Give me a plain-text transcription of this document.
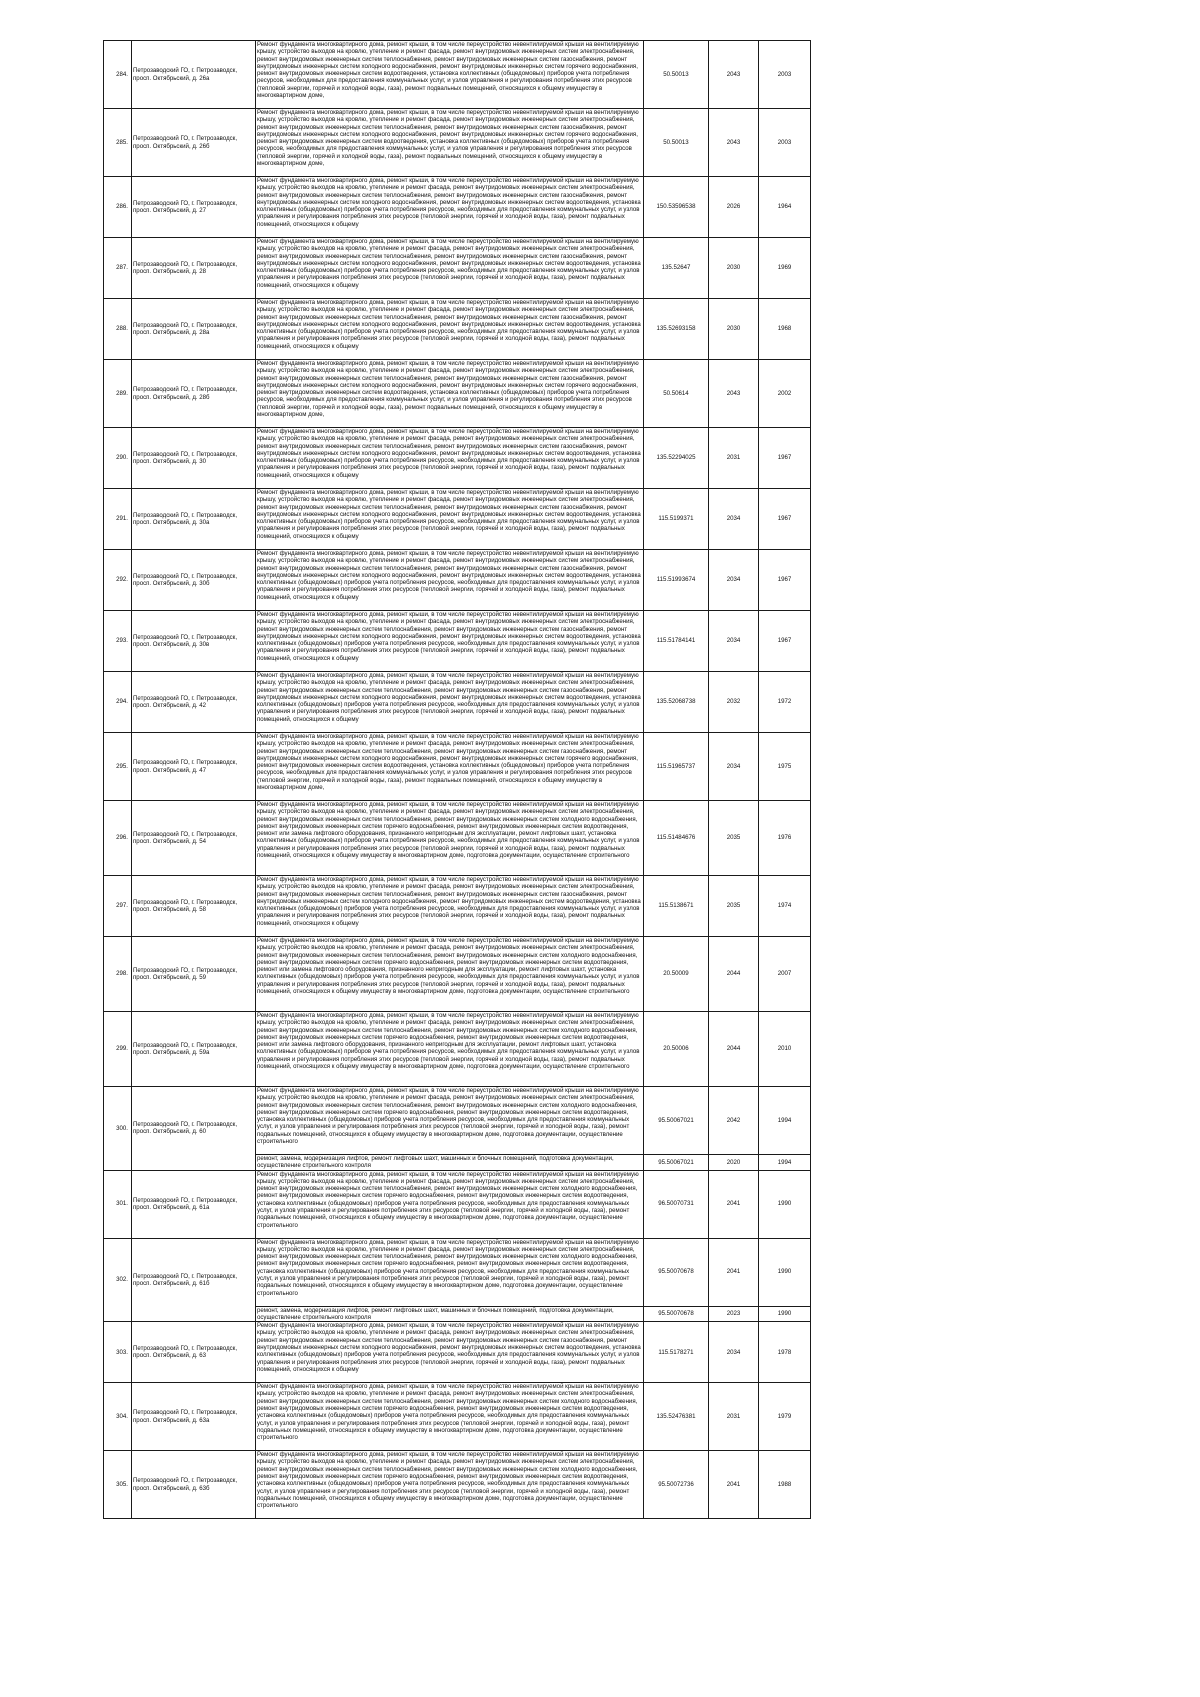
284.	Петрозаводский ГО, г. Петрозаводск, просп. Октябрьский, д. 26а	Ремонт фундамента многоквартирного дома, ремонт крыши, в том числе переустройство невентилируемой крыши на вентилируемую крышу, устройство выходов на кровлю, утепление и ремонт фасада, ремонт внутридомовых инженерных систем электроснабжения, ремонт внутридомовых инженерных систем теплоснабжения, ремонт внутридомовых инженерных систем газоснабжения, ремонт внутридомовых инженерных систем холодного водоснабжения, ремонт внутридомовых инженерных систем горячего водоснабжения, ремонт внутридомовых инженерных систем водоотведения, установка коллективных (общедомовых) приборов учета потребления ресурсов, необходимых для предоставления коммунальных услуг, и узлов управления и регулирования потребления этих ресурсов (тепловой энергии, горячей и холодной воды, газа), ремонт подвальных помещений, относящихся к общему имуществу в многоквартирном доме,	50.50013	2043	2003
285.	Петрозаводский ГО, г. Петрозаводск, просп. Октябрьский, д. 26б	Ремонт фундамента многоквартирного дома, ремонт крыши, в том числе переустройство невентилируемой крыши на вентилируемую крышу, устройство выходов на кровлю, утепление и ремонт фасада, ремонт внутридомовых инженерных систем электроснабжения, ремонт внутридомовых инженерных систем теплоснабжения, ремонт внутридомовых инженерных систем газоснабжения, ремонт внутридомовых инженерных систем холодного водоснабжения, ремонт внутридомовых инженерных систем горячего водоснабжения, ремонт внутридомовых инженерных систем водоотведения, установка коллективных (общедомовых) приборов учета потребления ресурсов, необходимых для предоставления коммунальных услуг, и узлов управления и регулирования потребления этих ресурсов (тепловой энергии, горячей и холодной воды, газа), ремонт подвальных помещений, относящихся к общему имуществу в многоквартирном доме,	50.50013	2043	2003
286.	Петрозаводский ГО, г. Петрозаводск, просп. Октябрьский, д. 27	Ремонт фундамента многоквартирного дома, ремонт крыши, в том числе переустройство невентилируемой крыши на вентилируемую крышу, устройство выходов на кровлю, утепление и ремонт фасада, ремонт внутридомовых инженерных систем электроснабжения, ремонт внутридомовых инженерных систем теплоснабжения, ремонт внутридомовых инженерных систем газоснабжения, ремонт внутридомовых инженерных систем холодного водоснабжения, ремонт внутридомовых инженерных систем водоотведения, установка коллективных (общедомовых) приборов учета потребления ресурсов, необходимых для предоставления коммунальных услуг, и узлов управления и регулирования потребления этих ресурсов (тепловой энергии, горячей и холодной воды, газа), ремонт подвальных помещений, относящихся к общему	150.53596538	2026	1964
287.	Петрозаводский ГО, г. Петрозаводск, просп. Октябрьский, д. 28	Ремонт фундамента многоквартирного дома, ремонт крыши, в том числе переустройство невентилируемой крыши на вентилируемую крышу, устройство выходов на кровлю, утепление и ремонт фасада, ремонт внутридомовых инженерных систем электроснабжения, ремонт внутридомовых инженерных систем теплоснабжения, ремонт внутридомовых инженерных систем газоснабжения, ремонт внутридомовых инженерных систем холодного водоснабжения, ремонт внутридомовых инженерных систем водоотведения, установка коллективных (общедомовых) приборов учета потребления ресурсов, необходимых для предоставления коммунальных услуг, и узлов управления и регулирования потребления этих ресурсов (тепловой энергии, горячей и холодной воды, газа), ремонт подвальных помещений, относящихся к общему	135.52647	2030	1969
288.	Петрозаводский ГО, г. Петрозаводск, просп. Октябрьский, д. 28а	Ремонт фундамента многоквартирного дома, ремонт крыши, в том числе переустройство невентилируемой крыши на вентилируемую крышу, устройство выходов на кровлю, утепление и ремонт фасада, ремонт внутридомовых инженерных систем электроснабжения, ремонт внутридомовых инженерных систем теплоснабжения, ремонт внутридомовых инженерных систем газоснабжения, ремонт внутридомовых инженерных систем холодного водоснабжения, ремонт внутридомовых инженерных систем водоотведения, установка коллективных (общедомовых) приборов учета потребления ресурсов, необходимых для предоставления коммунальных услуг, и узлов управления и регулирования потребления этих ресурсов (тепловой энергии, горячей и холодной воды, газа), ремонт подвальных помещений, относящихся к общему	135.52693158	2030	1968
289.	Петрозаводский ГО, г. Петрозаводск, просп. Октябрьский, д. 28б	Ремонт фундамента многоквартирного дома, ремонт крыши, в том числе переустройство невентилируемой крыши на вентилируемую крышу, устройство выходов на кровлю, утепление и ремонт фасада, ремонт внутридомовых инженерных систем электроснабжения, ремонт внутридомовых инженерных систем теплоснабжения, ремонт внутридомовых инженерных систем газоснабжения, ремонт внутридомовых инженерных систем холодного водоснабжения, ремонт внутридомовых инженерных систем горячего водоснабжения, ремонт внутридомовых инженерных систем водоотведения, установка коллективных (общедомовых) приборов учета потребления ресурсов, необходимых для предоставления коммунальных услуг, и узлов управления и регулирования потребления этих ресурсов (тепловой энергии, горячей и холодной воды, газа), ремонт подвальных помещений, относящихся к общему имуществу в многоквартирном доме,	50.50614	2043	2002
290.	Петрозаводский ГО, г. Петрозаводск, просп. Октябрьский, д. 30	Ремонт фундамента многоквартирного дома, ремонт крыши, в том числе переустройство невентилируемой крыши на вентилируемую крышу, устройство выходов на кровлю, утепление и ремонт фасада, ремонт внутридомовых инженерных систем электроснабжения, ремонт внутридомовых инженерных систем теплоснабжения, ремонт внутридомовых инженерных систем газоснабжения, ремонт внутридомовых инженерных систем холодного водоснабжения, ремонт внутридомовых инженерных систем водоотведения, установка коллективных (общедомовых) приборов учета потребления ресурсов, необходимых для предоставления коммунальных услуг, и узлов управления и регулирования потребления этих ресурсов (тепловой энергии, горячей и холодной воды, газа), ремонт подвальных помещений, относящихся к общему	135.52294025	2031	1967
291.	Петрозаводский ГО, г. Петрозаводск, просп. Октябрьский, д. 30а	Ремонт фундамента многоквартирного дома, ремонт крыши, в том числе переустройство невентилируемой крыши на вентилируемую крышу, устройство выходов на кровлю, утепление и ремонт фасада, ремонт внутридомовых инженерных систем электроснабжения, ремонт внутридомовых инженерных систем теплоснабжения, ремонт внутридомовых инженерных систем газоснабжения, ремонт внутридомовых инженерных систем холодного водоснабжения, ремонт внутридомовых инженерных систем водоотведения, установка коллективных (общедомовых) приборов учета потребления ресурсов, необходимых для предоставления коммунальных услуг, и узлов управления и регулирования потребления этих ресурсов (тепловой энергии, горячей и холодной воды, газа), ремонт подвальных помещений, относящихся к общему	115.5199371	2034	1967
292.	Петрозаводский ГО, г. Петрозаводск, просп. Октябрьский, д. 30б	Ремонт фундамента многоквартирного дома, ремонт крыши, в том числе переустройство невентилируемой крыши на вентилируемую крышу, устройство выходов на кровлю, утепление и ремонт фасада, ремонт внутридомовых инженерных систем электроснабжения, ремонт внутридомовых инженерных систем теплоснабжения, ремонт внутридомовых инженерных систем газоснабжения, ремонт внутридомовых инженерных систем холодного водоснабжения, ремонт внутридомовых инженерных систем водоотведения, установка коллективных (общедомовых) приборов учета потребления ресурсов, необходимых для предоставления коммунальных услуг, и узлов управления и регулирования потребления этих ресурсов (тепловой энергии, горячей и холодной воды, газа), ремонт подвальных помещений, относящихся к общему	115.51993674	2034	1967
293.	Петрозаводский ГО, г. Петрозаводск, просп. Октябрьский, д. 30в	Ремонт фундамента многоквартирного дома, ремонт крыши, в том числе переустройство невентилируемой крыши на вентилируемую крышу, устройство выходов на кровлю, утепление и ремонт фасада, ремонт внутридомовых инженерных систем электроснабжения, ремонт внутридомовых инженерных систем теплоснабжения, ремонт внутридомовых инженерных систем газоснабжения, ремонт внутридомовых инженерных систем холодного водоснабжения, ремонт внутридомовых инженерных систем водоотведения, установка коллективных (общедомовых) приборов учета потребления ресурсов, необходимых для предоставления коммунальных услуг, и узлов управления и регулирования потребления этих ресурсов (тепловой энергии, горячей и холодной воды, газа), ремонт подвальных помещений, относящихся к общему	115.51784141	2034	1967
294.	Петрозаводский ГО, г. Петрозаводск, просп. Октябрьский, д. 42	Ремонт фундамента многоквартирного дома, ремонт крыши, в том числе переустройство невентилируемой крыши на вентилируемую крышу, устройство выходов на кровлю, утепление и ремонт фасада, ремонт внутридомовых инженерных систем электроснабжения, ремонт внутридомовых инженерных систем теплоснабжения, ремонт внутридомовых инженерных систем газоснабжения, ремонт внутридомовых инженерных систем холодного водоснабжения, ремонт внутридомовых инженерных систем водоотведения, установка коллективных (общедомовых) приборов учета потребления ресурсов, необходимых для предоставления коммунальных услуг, и узлов управления и регулирования потребления этих ресурсов (тепловой энергии, горячей и холодной воды, газа), ремонт подвальных помещений, относящихся к общему	135.52068738	2032	1972
295.	Петрозаводский ГО, г. Петрозаводск, просп. Октябрьский, д. 47	Ремонт фундамента многоквартирного дома, ремонт крыши, в том числе переустройство невентилируемой крыши на вентилируемую крышу, устройство выходов на кровлю, утепление и ремонт фасада, ремонт внутридомовых инженерных систем электроснабжения, ремонт внутридомовых инженерных систем теплоснабжения, ремонт внутридомовых инженерных систем газоснабжения, ремонт внутридомовых инженерных систем холодного водоснабжения, ремонт внутридомовых инженерных систем горячего водоснабжения, ремонт внутридомовых инженерных систем водоотведения, установка коллективных (общедомовых) приборов учета потребления ресурсов, необходимых для предоставления коммунальных услуг, и узлов управления и регулирования потребления этих ресурсов (тепловой энергии, горячей и холодной воды, газа), ремонт подвальных помещений, относящихся к общему имуществу в многоквартирном доме,	115.51965737	2034	1975
296.	Петрозаводский ГО, г. Петрозаводск, просп. Октябрьский, д. 54	Ремонт фундамента многоквартирного дома, ремонт крыши, в том числе переустройство невентилируемой крыши на вентилируемую крышу, устройство выходов на кровлю, утепление и ремонт фасада, ремонт внутридомовых инженерных систем электроснабжения, ремонт внутридомовых инженерных систем теплоснабжения, ремонт внутридомовых инженерных систем холодного водоснабжения, ремонт внутридомовых инженерных систем горячего водоснабжения, ремонт внутридомовых инженерных систем водоотведения, ремонт или замена лифтового оборудования, признанного непригодным для эксплуатации, ремонт лифтовых шахт, установка коллективных (общедомовых) приборов учета потребления ресурсов, необходимых для предоставления коммунальных услуг, и узлов управления и регулирования потребления этих ресурсов (тепловой энергии, горячей и холодной воды, газа), ремонт подвальных помещений, относящихся к общему имуществу в многоквартирном доме, подготовка документации, осуществление строительного	115.51484676	2035	1976
297.	Петрозаводский ГО, г. Петрозаводск, просп. Октябрьский, д. 58	Ремонт фундамента многоквартирного дома, ремонт крыши, в том числе переустройство невентилируемой крыши на вентилируемую крышу, устройство выходов на кровлю, утепление и ремонт фасада, ремонт внутридомовых инженерных систем электроснабжения, ремонт внутридомовых инженерных систем теплоснабжения, ремонт внутридомовых инженерных систем газоснабжения, ремонт внутридомовых инженерных систем холодного водоснабжения, ремонт внутридомовых инженерных систем водоотведения, установка коллективных (общедомовых) приборов учета потребления ресурсов, необходимых для предоставления коммунальных услуг, и узлов управления и регулирования потребления этих ресурсов (тепловой энергии, горячей и холодной воды, газа), ремонт подвальных помещений, относящихся к общему	115.5138671	2035	1974
298.	Петрозаводский ГО, г. Петрозаводск, просп. Октябрьский, д. 59	Ремонт фундамента многоквартирного дома, ремонт крыши, в том числе переустройство невентилируемой крыши на вентилируемую крышу, устройство выходов на кровлю, утепление и ремонт фасада, ремонт внутридомовых инженерных систем электроснабжения, ремонт внутридомовых инженерных систем теплоснабжения, ремонт внутридомовых инженерных систем холодного водоснабжения, ремонт внутридомовых инженерных систем горячего водоснабжения, ремонт внутридомовых инженерных систем водоотведения, ремонт или замена лифтового оборудования, признанного непригодным для эксплуатации, ремонт лифтовых шахт, установка коллективных (общедомовых) приборов учета потребления ресурсов, необходимых для предоставления коммунальных услуг, и узлов управления и регулирования потребления этих ресурсов (тепловой энергии, горячей и холодной воды, газа), ремонт подвальных помещений, относящихся к общему имуществу в многоквартирном доме, подготовка документации, осуществление строительного	20.50009	2044	2007
299.	Петрозаводский ГО, г. Петрозаводск, просп. Октябрьский, д. 59а	Ремонт фундамента многоквартирного дома, ремонт крыши, в том числе переустройство невентилируемой крыши на вентилируемую крышу, устройство выходов на кровлю, утепление и ремонт фасада, ремонт внутридомовых инженерных систем электроснабжения, ремонт внутридомовых инженерных систем теплоснабжения, ремонт внутридомовых инженерных систем холодного водоснабжения, ремонт внутридомовых инженерных систем горячего водоснабжения, ремонт внутридомовых инженерных систем водоотведения, ремонт или замена лифтового оборудования, признанного непригодным для эксплуатации, ремонт лифтовых шахт, установка коллективных (общедомовых) приборов учета потребления ресурсов, необходимых для предоставления коммунальных услуг, и узлов управления и регулирования потребления этих ресурсов (тепловой энергии, горячей и холодной воды, газа), ремонт подвальных помещений, относящихся к общему имуществу в многоквартирном доме, подготовка документации, осуществление строительного	20.50006	2044	2010
300.	Петрозаводский ГО, г. Петрозаводск, просп. Октябрьский, д. 60	Ремонт фундамента многоквартирного дома, ремонт крыши, в том числе переустройство невентилируемой крыши на вентилируемую крышу, устройство выходов на кровлю, утепление и ремонт фасада, ремонт внутридомовых инженерных систем электроснабжения, ремонт внутридомовых инженерных систем теплоснабжения, ремонт внутридомовых инженерных систем холодного водоснабжения, ремонт внутридомовых инженерных систем горячего водоснабжения, ремонт внутридомовых инженерных систем водоотведения, установка коллективных (общедомовых) приборов учета потребления ресурсов, необходимых для предоставления коммунальных услуг, и узлов управления и регулирования потребления этих ресурсов (тепловой энергии, горячей и холодной воды, газа), ремонт подвальных помещений, относящихся к общему имуществу в многоквартирном доме, подготовка документации, осуществление строительного	95.50067021	2042	1994
		ремонт, замена, модернизация лифтов, ремонт лифтовых шахт, машинных и блочных помещений, подготовка документации, осуществление строительного контроля	95.50067021	2020	1994
301.	Петрозаводский ГО, г. Петрозаводск, просп. Октябрьский, д. 61а	Ремонт фундамента многоквартирного дома, ремонт крыши, в том числе переустройство невентилируемой крыши на вентилируемую крышу, устройство выходов на кровлю, утепление и ремонт фасада, ремонт внутридомовых инженерных систем электроснабжения, ремонт внутридомовых инженерных систем теплоснабжения, ремонт внутридомовых инженерных систем холодного водоснабжения, ремонт внутридомовых инженерных систем горячего водоснабжения, ремонт внутридомовых инженерных систем водоотведения, установка коллективных (общедомовых) приборов учета потребления ресурсов, необходимых для предоставления коммунальных услуг, и узлов управления и регулирования потребления этих ресурсов (тепловой энергии, горячей и холодной воды, газа), ремонт подвальных помещений, относящихся к общему имуществу в многоквартирном доме, подготовка документации, осуществление строительного	96.50070731	2041	1990
302.	Петрозаводский ГО, г. Петрозаводск, просп. Октябрьский, д. 61б	Ремонт фундамента многоквартирного дома, ремонт крыши, в том числе переустройство невентилируемой крыши на вентилируемую крышу, устройство выходов на кровлю, утепление и ремонт фасада, ремонт внутридомовых инженерных систем электроснабжения, ремонт внутридомовых инженерных систем теплоснабжения, ремонт внутридомовых инженерных систем холодного водоснабжения, ремонт внутридомовых инженерных систем горячего водоснабжения, ремонт внутридомовых инженерных систем водоотведения, установка коллективных (общедомовых) приборов учета потребления ресурсов, необходимых для предоставления коммунальных услуг, и узлов управления и регулирования потребления этих ресурсов (тепловой энергии, горячей и холодной воды, газа), ремонт подвальных помещений, относящихся к общему имуществу в многоквартирном доме, подготовка документации, осуществление строительного	95.50070678	2041	1990
		ремонт, замена, модернизация лифтов, ремонт лифтовых шахт, машинных и блочных помещений, подготовка документации, осуществление строительного контроля	95.50070678	2023	1990
303.	Петрозаводский ГО, г. Петрозаводск, просп. Октябрьский, д. 63	Ремонт фундамента многоквартирного дома, ремонт крыши, в том числе переустройство невентилируемой крыши на вентилируемую крышу, устройство выходов на кровлю, утепление и ремонт фасада, ремонт внутридомовых инженерных систем электроснабжения, ремонт внутридомовых инженерных систем теплоснабжения, ремонт внутридомовых инженерных систем газоснабжения, ремонт внутридомовых инженерных систем холодного водоснабжения, ремонт внутридомовых инженерных систем водоотведения, установка коллективных (общедомовых) приборов учета потребления ресурсов, необходимых для предоставления коммунальных услуг, и узлов управления и регулирования потребления этих ресурсов (тепловой энергии, горячей и холодной воды, газа), ремонт подвальных помещений, относящихся к общему	115.5178271	2034	1978
304.	Петрозаводский ГО, г. Петрозаводск, просп. Октябрьский, д. 63а	Ремонт фундамента многоквартирного дома, ремонт крыши, в том числе переустройство невентилируемой крыши на вентилируемую крышу, устройство выходов на кровлю, утепление и ремонт фасада, ремонт внутридомовых инженерных систем электроснабжения, ремонт внутридомовых инженерных систем теплоснабжения, ремонт внутридомовых инженерных систем холодного водоснабжения, ремонт внутридомовых инженерных систем горячего водоснабжения, ремонт внутридомовых инженерных систем водоотведения, установка коллективных (общедомовых) приборов учета потребления ресурсов, необходимых для предоставления коммунальных услуг, и узлов управления и регулирования потребления этих ресурсов (тепловой энергии, горячей и холодной воды, газа), ремонт подвальных помещений, относящихся к общему имуществу в многоквартирном доме, подготовка документации, осуществление строительного	135.52476381	2031	1979
305.	Петрозаводский ГО, г. Петрозаводск, просп. Октябрьский, д. 63б	Ремонт фундамента многоквартирного дома, ремонт крыши, в том числе переустройство невентилируемой крыши на вентилируемую крышу, устройство выходов на кровлю, утепление и ремонт фасада, ремонт внутридомовых инженерных систем электроснабжения, ремонт внутридомовых инженерных систем теплоснабжения, ремонт внутридомовых инженерных систем холодного водоснабжения, ремонт внутридомовых инженерных систем горячего водоснабжения, ремонт внутридомовых инженерных систем водоотведения, установка коллективных (общедомовых) приборов учета потребления ресурсов, необходимых для предоставления коммунальных услуг, и узлов управления и регулирования потребления этих ресурсов (тепловой энергии, горячей и холодной воды, газа), ремонт подвальных помещений, относящихся к общему имуществу в многоквартирном доме, подготовка документации, осуществление строительного	95.50072736	2041	1988
